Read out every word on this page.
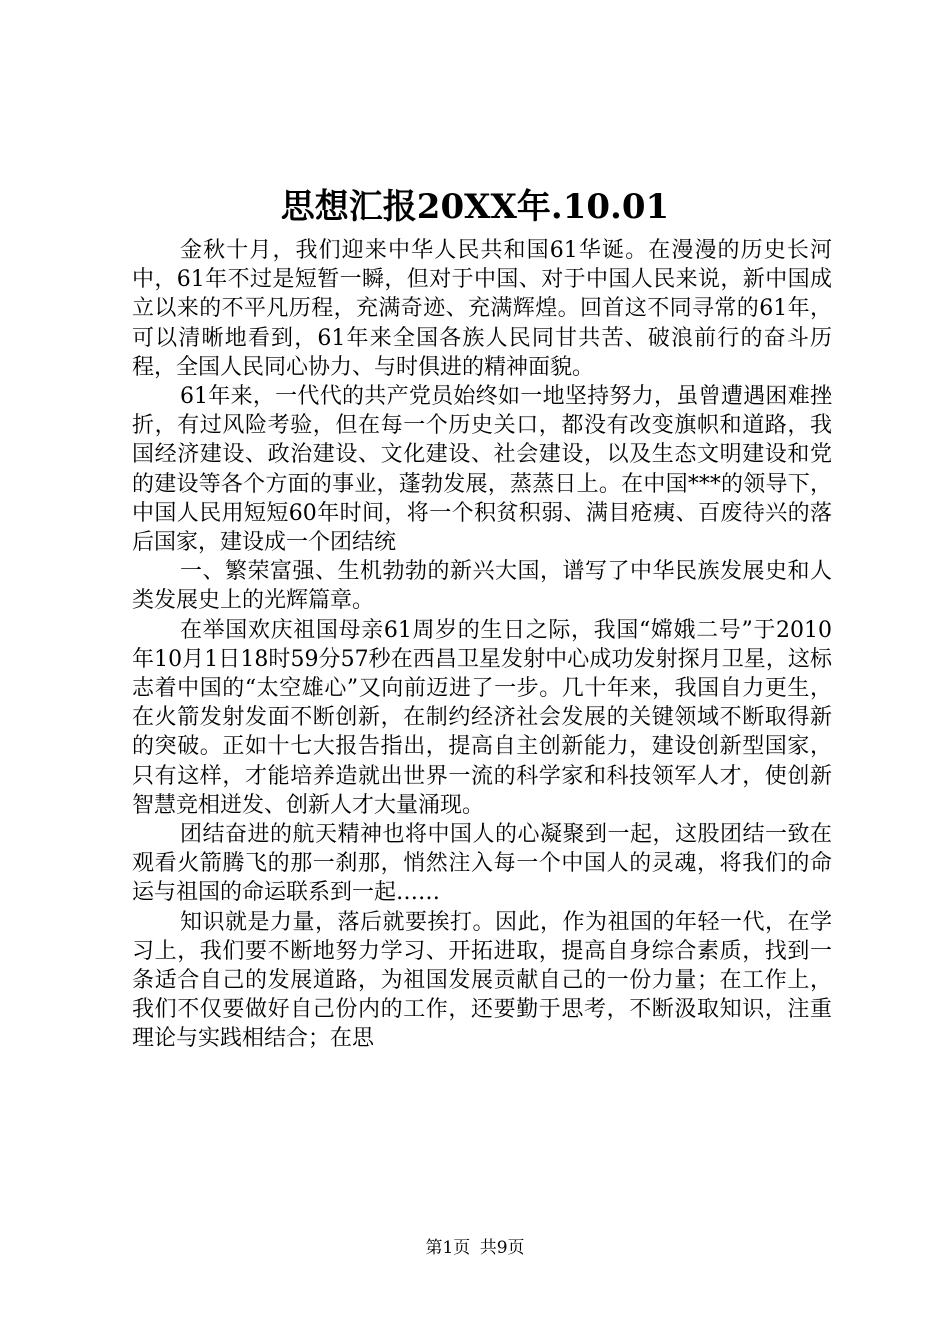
思想汇报20XX年.10.01

金秋十月，我们迎来中华人民共和国61华诞。在漫漫的历史长河中，61年不过是短暂一瞬，但对于中国、对于中国人民来说，新中国成立以来的不平凡历程，充满奇迹、充满辉煌。回首这不同寻常的61年，可以清晰地看到，61年来全国各族人民同甘共苦、破浪前行的奋斗历程，全国人民同心协力、与时俱进的精神面貌。

61年来，一代代的共产党员始终如一地坚持努力，虽曾遭遇困难挫折，有过风险考验，但在每一个历史关口，都没有改变旗帜和道路，我国经济建设、政治建设、文化建设、社会建设，以及生态文明建设和党的建设等各个方面的事业，蓬勃发展，蒸蒸日上。在中国***的领导下，中国人民用短短60年时间，将一个积贫积弱、满目疮痍、百废待兴的落后国家，建设成一个团结统

一、繁荣富强、生机勃勃的新兴大国，谱写了中华民族发展史和人类发展史上的光辉篇章。

在举国欢庆祖国母亲61周岁的生日之际，我国“嫦娥二号”于2010年10月1日18时59分57秒在西昌卫星发射中心成功发射探月卫星，这标志着中国的“太空雄心”又向前迈进了一步。几十年来，我国自力更生，在火箭发射发面不断创新，在制约经济社会发展的关键领域不断取得新的突破。正如十七大报告指出，提高自主创新能力，建设创新型国家，只有这样，才能培养造就出世界一流的科学家和科技领军人才，使创新智慧竞相迸发、创新人才大量涌现。

团结奋进的航天精神也将中国人的心凝聚到一起，这股团结一致在观看火箭腾飞的那一刹那，悄然注入每一个中国人的灵魂，将我们的命运与祖国的命运联系到一起……

知识就是力量，落后就要挨打。因此，作为祖国的年轻一代，在学习上，我们要不断地努力学习、开拓进取，提高自身综合素质，找到一条适合自己的发展道路，为祖国发展贡献自己的一份力量；在工作上，我们不仅要做好自己份内的工作，还要勤于思考，不断汲取知识，注重理论与实践相结合；在思

第1页 共9页
